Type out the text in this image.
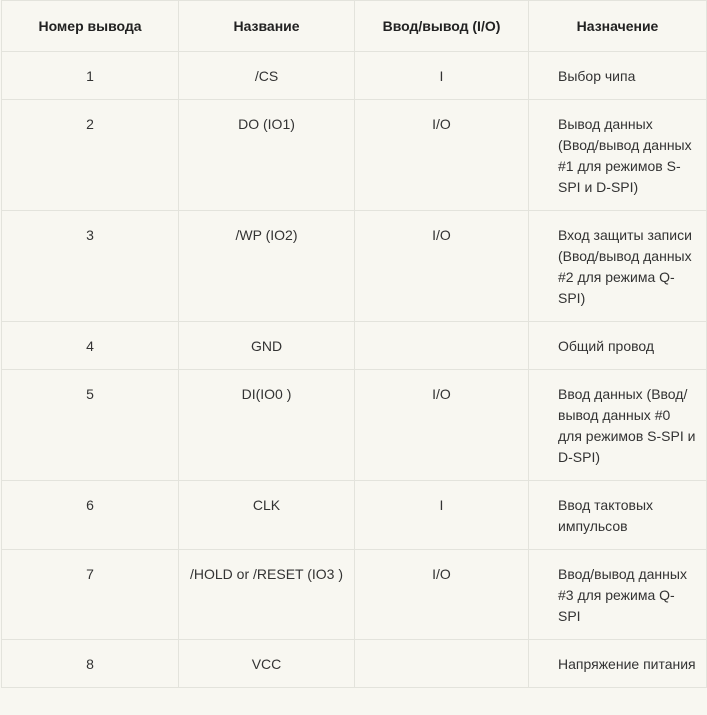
Номер вывода	Название	Ввод/вывод (I/O)	Назначение
1	/CS	I	Выбор чипа
2	DO (IO1)	I/O	Вывод данных (Ввод/вывод данных #1 для режимов S-SPI и D-SPI)
3	/WP (IO2)	I/O	Вход защиты записи (Ввод/вывод данных #2 для режима Q-SPI)
4	GND		Общий провод
5	DI(IO0 )	I/O	Ввод данных (Ввод/вывод данных #0 для режимов S-SPI и D-SPI)
6	CLK	I	Ввод тактовых импульсов
7	/HOLD or /RESET (IO3 )	I/O	Ввод/вывод данных #3 для режима Q-SPI
8	VCC		Напряжение питания
